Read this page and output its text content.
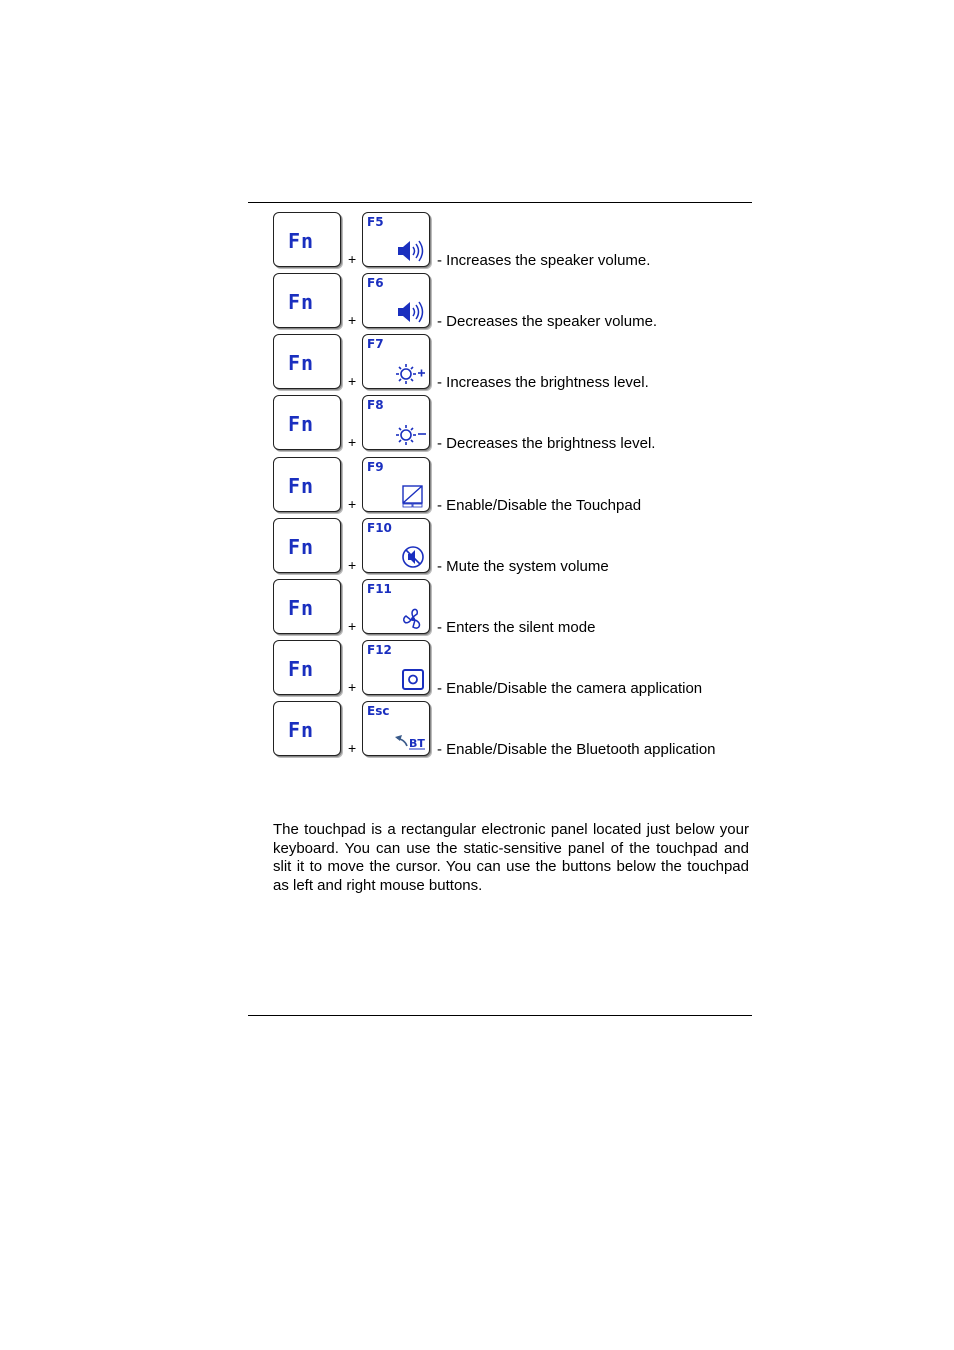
Fn
+
F5
- Increases the speaker volume.
Fn
+
F6
- Decreases the speaker volume.
Fn
+
F7
- Increases the brightness level.
Fn
+
F8
- Decreases the brightness level.
Fn
+
F9
- Enable/Disable the Touchpad
Fn
+
F10
- Mute the system volume
Fn
+
F11
- Enters the silent mode
Fn
+
F12
- Enable/Disable the camera application
Fn
+
Esc
BT - Enable/Disable the Bluetooth application

The touchpad is a rectangular electronic panel located just below your keyboard. You can use the static-sensitive panel of the touchpad and slit it to move the cursor. You can use the buttons below the touchpad as left and right mouse buttons.
